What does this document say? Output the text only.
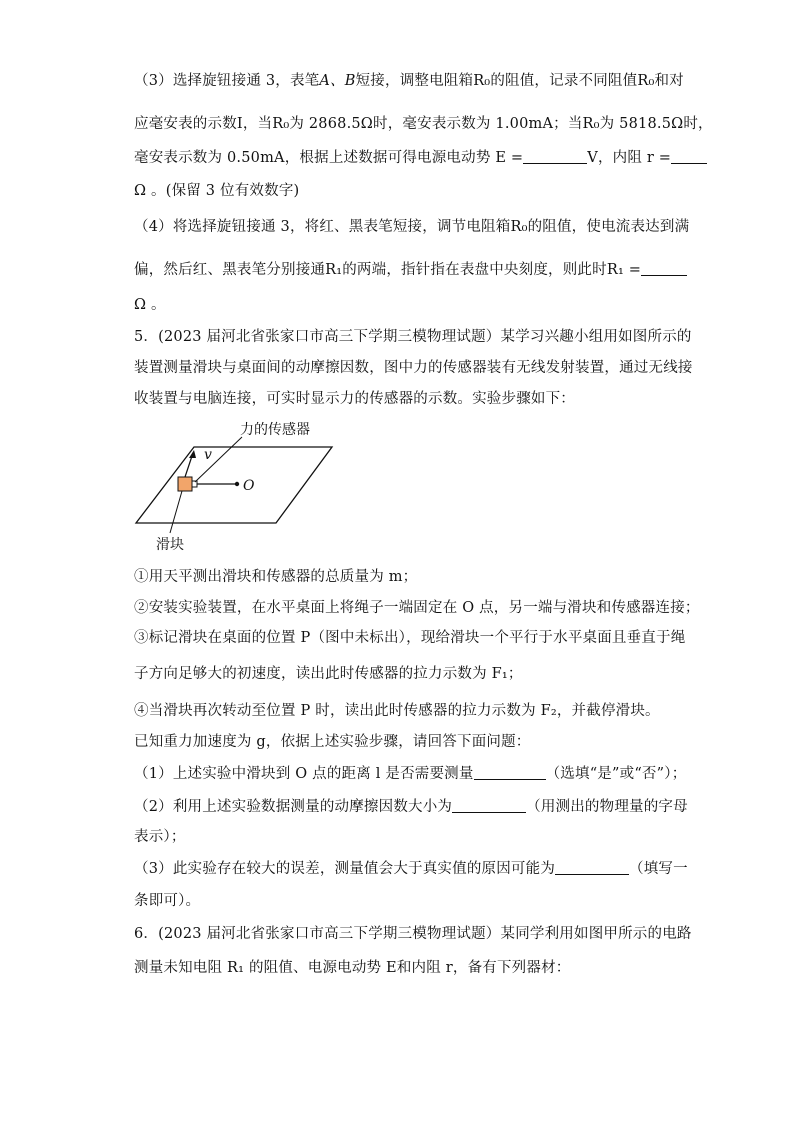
（3）选择旋钮接通 3，表笔A、B短接，调整电阻箱R₀的阻值，记录不同阻值R₀和对
应毫安表的示数I，当R₀为 2868.5Ω时，毫安表示数为 1.00mA；当R₀为 5818.5Ω时，
毫安表示数为 0.50mA，根据上述数据可得电源电动势 E =	V，内阻 r =
Ω 。(保留 3 位有效数字)
（4）将选择旋钮接通 3，将红、黑表笔短接，调节电阻箱R₀的阻值，使电流表达到满
偏，然后红、黑表笔分别接通R₁的两端，指针指在表盘中央刻度，则此时R₁ =
Ω 。
5．(2023 届河北省张家口市高三下学期三模物理试题）某学习兴趣小组用如图所示的
装置测量滑块与桌面间的动摩擦因数，图中力的传感器装有无线发射装置，通过无线接
收装置与电脑连接，可实时显示力的传感器的示数。实验步骤如下：
力的传感器
v
O
滑块
①用天平测出滑块和传感器的总质量为 m；
②安装实验装置，在水平桌面上将绳子一端固定在 O 点，另一端与滑块和传感器连接；
③标记滑块在桌面的位置 P（图中未标出），现给滑块一个平行于水平桌面且垂直于绳
子方向足够大的初速度，读出此时传感器的拉力示数为 F₁；
④当滑块再次转动至位置 P 时，读出此时传感器的拉力示数为 F₂，并截停滑块。
已知重力加速度为 g，依据上述实验步骤，请回答下面问题：
（1）上述实验中滑块到 O 点的距离 l 是否需要测量	（选填“是”或“否”）；
（2）利用上述实验数据测量的动摩擦因数大小为	（用测出的物理量的字母
表示）；
（3）此实验存在较大的误差，测量值会大于真实值的原因可能为	（填写一
条即可）。
6．(2023 届河北省张家口市高三下学期三模物理试题）某同学利用如图甲所示的电路
测量未知电阻 R₁ 的阻值、电源电动势 E和内阻 r，备有下列器材：
